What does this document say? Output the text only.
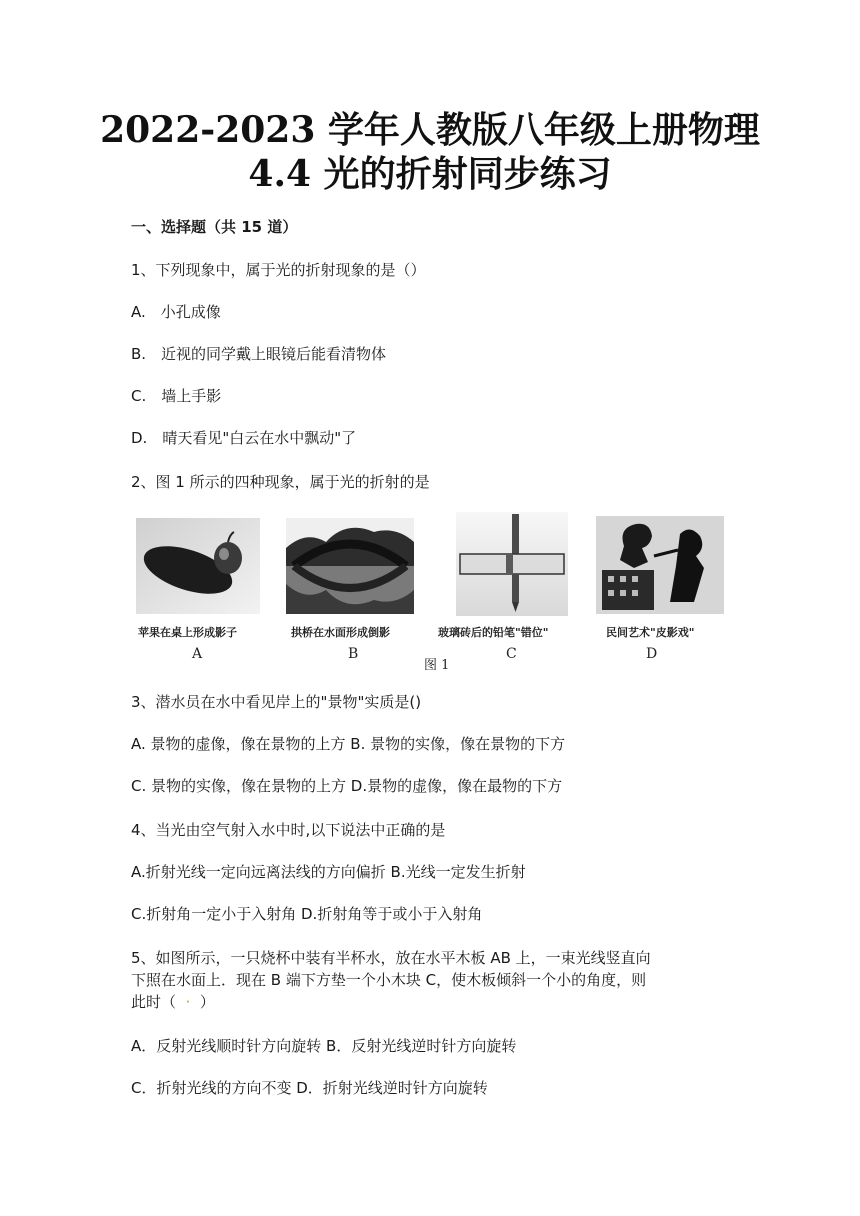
2022-2023 学年人教版八年级上册物理
4.4 光的折射同步练习
一、选择题（共 15 道）
1、下列现象中，属于光的折射现象的是（）
A.　小孔成像
B.　近视的同学戴上眼镜后能看清物体
C.　墙上手影
D.　晴天看见"白云在水中飘动"了
2、图 1 所示的四种现象，属于光的折射的是
苹果在桌上形成影子	拱桥在水面形成倒影	玻璃砖后的铅笔"错位"	民间艺术"皮影戏"
A	B	C	D
图 1
3、潜水员在水中看见岸上的"景物"实质是()
A. 景物的虚像，像在景物的上方 B. 景物的实像，像在景物的下方
C. 景物的实像，像在景物的上方 D.景物的虚像，像在最物的下方
4、当光由空气射入水中时,以下说法中正确的是
A.折射光线一定向远离法线的方向偏折 B.光线一定发生折射
C.折射角一定小于入射角 D.折射角等于或小于入射角
5、如图所示，一只烧杯中装有半杯水，放在水平木板 AB 上，一束光线竖直向
下照在水面上．现在 B 端下方垫一个小木块 C，使木板倾斜一个小的角度，则
此时（  ·  ）
A．反射光线顺时针方向旋转 B．反射光线逆时针方向旋转
C．折射光线的方向不变 D．折射光线逆时针方向旋转
